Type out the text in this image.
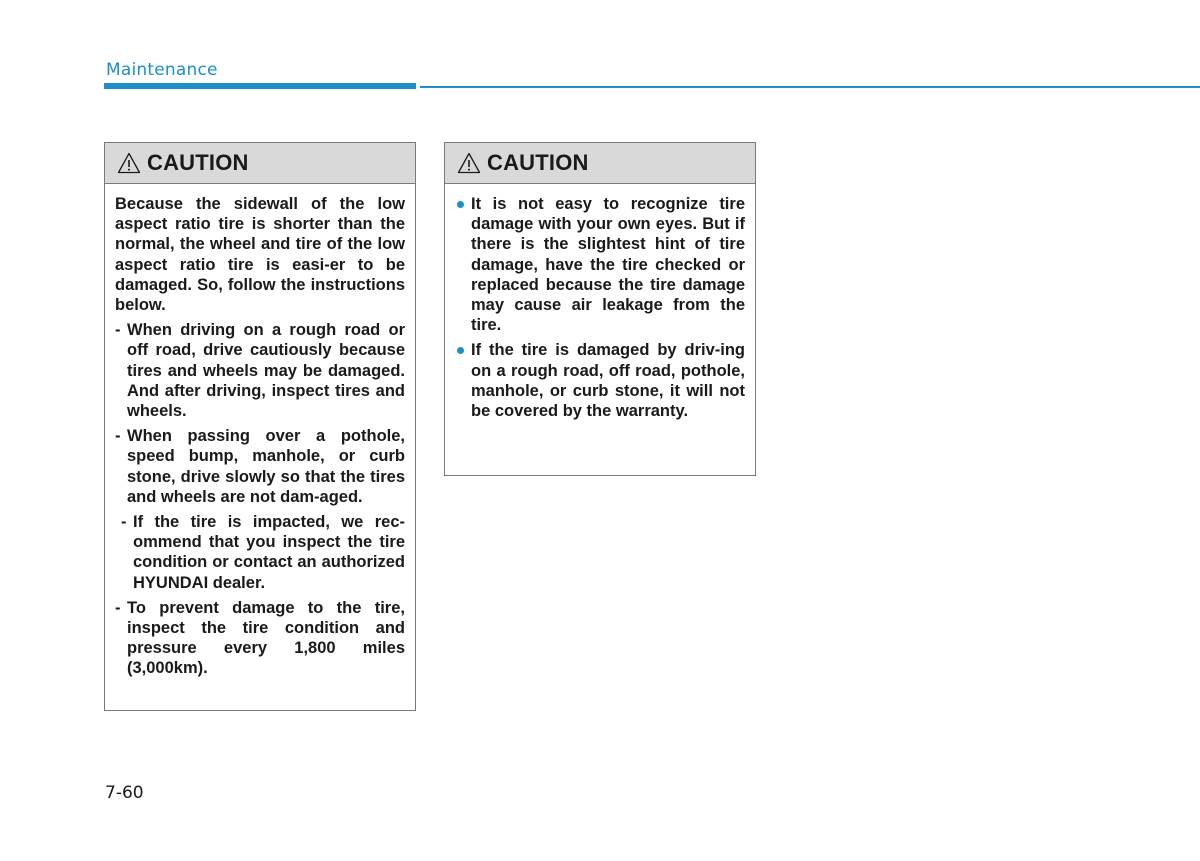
Maintenance
CAUTION

Because the sidewall of the low aspect ratio tire is shorter than the normal, the wheel and tire of the low aspect ratio tire is easi-er to be damaged. So, follow the instructions below.

- When driving on a rough road or off road, drive cautiously because tires and wheels may be damaged. And after driving, inspect tires and wheels.
- When passing over a pothole, speed bump, manhole, or curb stone, drive slowly so that the tires and wheels are not dam-aged.
- If the tire is impacted, we rec-ommend that you inspect the tire condition or contact an authorized HYUNDAI dealer.
- To prevent damage to the tire, inspect the tire condition and pressure every 1,800 miles (3,000km).
CAUTION
It is not easy to recognize tire damage with your own eyes. But if there is the slightest hint of tire damage, have the tire checked or replaced because the tire damage may cause air leakage from the tire.
If the tire is damaged by driv-ing on a rough road, off road, pothole, manhole, or curb stone, it will not be covered by the warranty.
7-60
